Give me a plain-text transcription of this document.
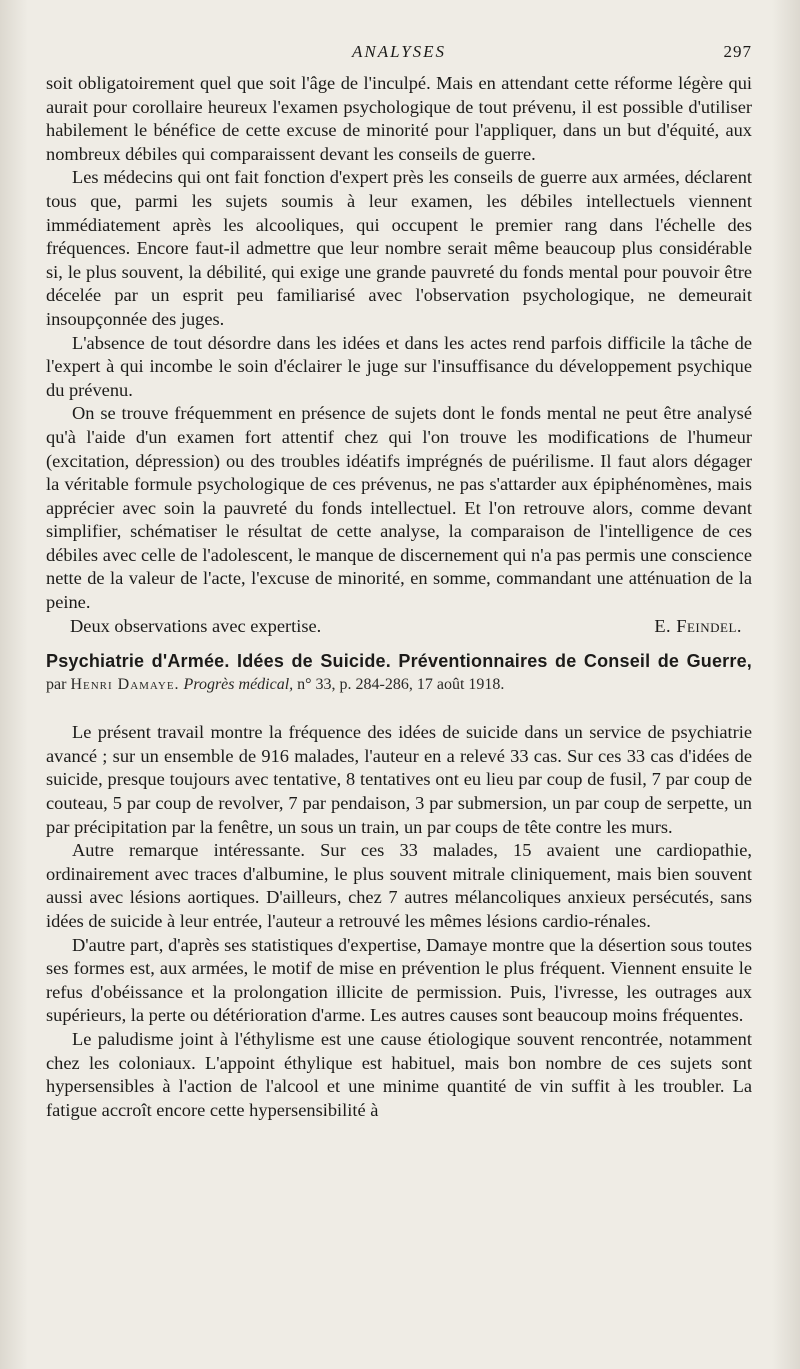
ANALYSES	297

soit obligatoirement quel que soit l'âge de l'inculpé. Mais en attendant cette réforme légère qui aurait pour corollaire heureux l'examen psychologique de tout prévenu, il est possible d'utiliser habilement le bénéfice de cette excuse de minorité pour l'appliquer, dans un but d'équité, aux nombreux débiles qui comparaissent devant les conseils de guerre.

Les médecins qui ont fait fonction d'expert près les conseils de guerre aux armées, déclarent tous que, parmi les sujets soumis à leur examen, les débiles intellectuels viennent immédiatement après les alcooliques, qui occupent le premier rang dans l'échelle des fréquences. Encore faut-il admettre que leur nombre serait même beaucoup plus considérable si, le plus souvent, la débilité, qui exige une grande pauvreté du fonds mental pour pouvoir être décelée par un esprit peu familiarisé avec l'observation psychologique, ne demeurait insoupçonnée des juges.

L'absence de tout désordre dans les idées et dans les actes rend parfois difficile la tâche de l'expert à qui incombe le soin d'éclairer le juge sur l'insuffisance du développement psychique du prévenu.

On se trouve fréquemment en présence de sujets dont le fonds mental ne peut être analysé qu'à l'aide d'un examen fort attentif chez qui l'on trouve les modifications de l'humeur (excitation, dépression) ou des troubles idéatifs imprégnés de puérilisme. Il faut alors dégager la véritable formule psychologique de ces prévenus, ne pas s'attarder aux épiphénomènes, mais apprécier avec soin la pauvreté du fonds intellectuel. Et l'on retrouve alors, comme devant simplifier, schématiser le résultat de cette analyse, la comparaison de l'intelligence de ces débiles avec celle de l'adolescent, le manque de discernement qui n'a pas permis une conscience nette de la valeur de l'acte, l'excuse de minorité, en somme, commandant une atténuation de la peine.

Deux observations avec expertise.	E. Feindel.
Psychiatrie d'Armée. Idées de Suicide. Préventionnaires de Conseil de Guerre, par Henri Damaye. Progrès médical, n° 33, p. 284-286, 17 août 1918.

Le présent travail montre la fréquence des idées de suicide dans un service de psychiatrie avancé ; sur un ensemble de 916 malades, l'auteur en a relevé 33 cas. Sur ces 33 cas d'idées de suicide, presque toujours avec tentative, 8 tentatives ont eu lieu par coup de fusil, 7 par coup de couteau, 5 par coup de revolver, 7 par pendaison, 3 par submersion, un par coup de serpette, un par précipitation par la fenêtre, un sous un train, un par coups de tête contre les murs.

Autre remarque intéressante. Sur ces 33 malades, 15 avaient une cardiopathie, ordinairement avec traces d'albumine, le plus souvent mitrale cliniquement, mais bien souvent aussi avec lésions aortiques. D'ailleurs, chez 7 autres mélancoliques anxieux persécutés, sans idées de suicide à leur entrée, l'auteur a retrouvé les mêmes lésions cardio-rénales.

D'autre part, d'après ses statistiques d'expertise, Damaye montre que la désertion sous toutes ses formes est, aux armées, le motif de mise en prévention le plus fréquent. Viennent ensuite le refus d'obéissance et la prolongation illicite de permission. Puis, l'ivresse, les outrages aux supérieurs, la perte ou détérioration d'arme. Les autres causes sont beaucoup moins fréquentes.

Le paludisme joint à l'éthylisme est une cause étiologique souvent rencontrée, notamment chez les coloniaux. L'appoint éthylique est habituel, mais bon nombre de ces sujets sont hypersensibles à l'action de l'alcool et une minime quantité de vin suffit à les troubler. La fatigue accroît encore cette hypersensibilité à
